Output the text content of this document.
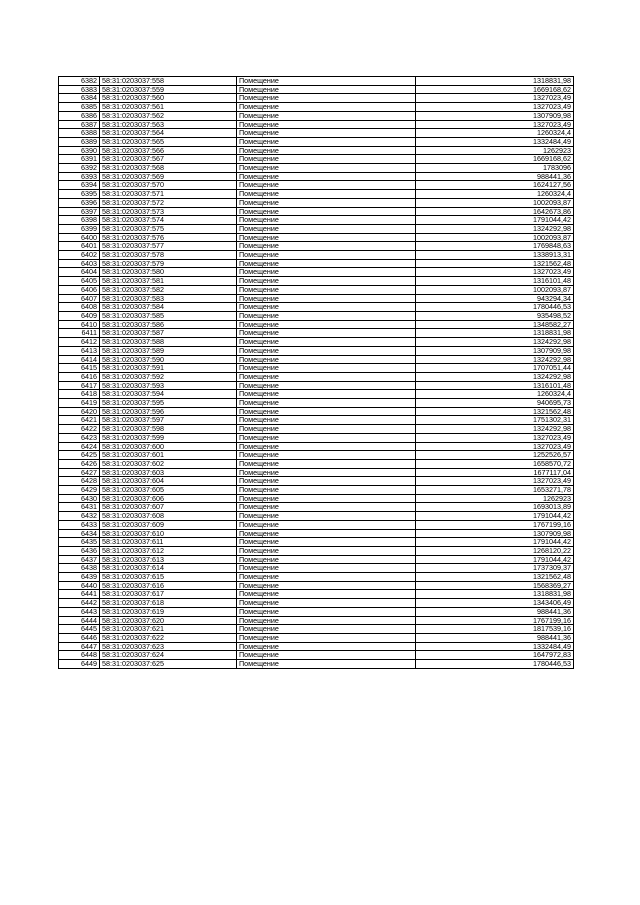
6382	58:31:0203037:558	Помещение	1318831,98
6383	58:31:0203037:559	Помещение	1669168,62
6384	58:31:0203037:560	Помещение	1327023,49
6385	58:31:0203037:561	Помещение	1327023,49
6386	58:31:0203037:562	Помещение	1307909,98
6387	58:31:0203037:563	Помещение	1327023,49
6388	58:31:0203037:564	Помещение	1260324,4
6389	58:31:0203037:565	Помещение	1332484,49
6390	58:31:0203037:566	Помещение	1262923
6391	58:31:0203037:567	Помещение	1669168,62
6392	58:31:0203037:568	Помещение	1783096
6393	58:31:0203037:569	Помещение	988441,36
6394	58:31:0203037:570	Помещение	1624127,56
6395	58:31:0203037:571	Помещение	1260324,4
6396	58:31:0203037:572	Помещение	1002093,87
6397	58:31:0203037:573	Помещение	1642673,86
6398	58:31:0203037:574	Помещение	1791044,42
6399	58:31:0203037:575	Помещение	1324292,98
6400	58:31:0203037:576	Помещение	1002093,87
6401	58:31:0203037:577	Помещение	1769848,63
6402	58:31:0203037:578	Помещение	1338913,31
6403	58:31:0203037:579	Помещение	1321562,48
6404	58:31:0203037:580	Помещение	1327023,49
6405	58:31:0203037:581	Помещение	1316101,48
6406	58:31:0203037:582	Помещение	1002093,87
6407	58:31:0203037:583	Помещение	943294,34
6408	58:31:0203037:584	Помещение	1780446,53
6409	58:31:0203037:585	Помещение	935498,52
6410	58:31:0203037:586	Помещение	1348582,27
6411	58:31:0203037:587	Помещение	1318831,98
6412	58:31:0203037:588	Помещение	1324292,98
6413	58:31:0203037:589	Помещение	1307909,98
6414	58:31:0203037:590	Помещение	1324292,98
6415	58:31:0203037:591	Помещение	1707051,44
6416	58:31:0203037:592	Помещение	1324292,98
6417	58:31:0203037:593	Помещение	1316101,48
6418	58:31:0203037:594	Помещение	1260324,4
6419	58:31:0203037:595	Помещение	940695,73
6420	58:31:0203037:596	Помещение	1321562,48
6421	58:31:0203037:597	Помещение	1751302,31
6422	58:31:0203037:598	Помещение	1324292,98
6423	58:31:0203037:599	Помещение	1327023,49
6424	58:31:0203037:600	Помещение	1327023,49
6425	58:31:0203037:601	Помещение	1252526,57
6426	58:31:0203037:602	Помещение	1658570,72
6427	58:31:0203037:603	Помещение	1677117,04
6428	58:31:0203037:604	Помещение	1327023,49
6429	58:31:0203037:605	Помещение	1653271,78
6430	58:31:0203037:606	Помещение	1262923
6431	58:31:0203037:607	Помещение	1693013,89
6432	58:31:0203037:608	Помещение	1791044,42
6433	58:31:0203037:609	Помещение	1767199,16
6434	58:31:0203037:610	Помещение	1307909,98
6435	58:31:0203037:611	Помещение	1791044,42
6436	58:31:0203037:612	Помещение	1268120,22
6437	58:31:0203037:613	Помещение	1791044,42
6438	58:31:0203037:614	Помещение	1737309,37
6439	58:31:0203037:615	Помещение	1321562,48
6440	58:31:0203037:616	Помещение	1568369,27
6441	58:31:0203037:617	Помещение	1318831,98
6442	58:31:0203037:618	Помещение	1343406,49
6443	58:31:0203037:619	Помещение	988441,36
6444	58:31:0203037:620	Помещение	1767199,16
6445	58:31:0203037:621	Помещение	1817539,16
6446	58:31:0203037:622	Помещение	988441,36
6447	58:31:0203037:623	Помещение	1332484,49
6448	58:31:0203037:624	Помещение	1647972,83
6449	58:31:0203037:625	Помещение	1780446,53
